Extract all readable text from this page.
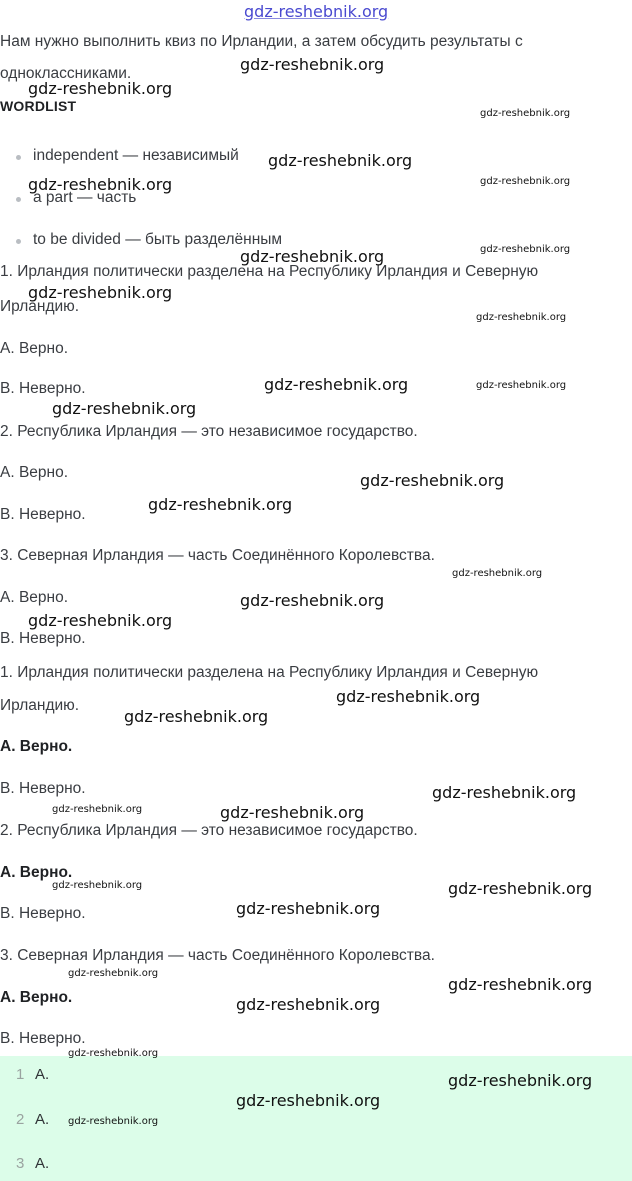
gdz-reshebnik.org
Нам нужно выполнить квиз по Ирландии, а затем обсудить результаты с
одноклассниками.
WORDLIST
independent — независимый
a part — часть
to be divided — быть разделённым
1. Ирландия политически разделена на Республику Ирландия и Северную
Ирландию.
A. Верно.
B. Неверно.
2. Республика Ирландия — это независимое государство.
A. Верно.
B. Неверно.
3. Северная Ирландия — часть Соединённого Королевства.
A. Верно.
B. Неверно.
1. Ирландия политически разделена на Республику Ирландия и Северную
Ирландию.
A. Верно.
B. Неверно.
2. Республика Ирландия — это независимое государство.
A. Верно.
B. Неверно.
3. Северная Ирландия — часть Соединённого Королевства.
A. Верно.
B. Неверно.
1 A.
2 A.
3 A.
gdz-reshebnik.org
gdz-reshebnik.org
gdz-reshebnik.org
gdz-reshebnik.org
gdz-reshebnik.org
gdz-reshebnik.org
gdz-reshebnik.org
gdz-reshebnik.org
gdz-reshebnik.org
gdz-reshebnik.org
gdz-reshebnik.org
gdz-reshebnik.org
gdz-reshebnik.org
gdz-reshebnik.org
gdz-reshebnik.org
gdz-reshebnik.org
gdz-reshebnik.org
gdz-reshebnik.org
gdz-reshebnik.org
gdz-reshebnik.org
gdz-reshebnik.org
gdz-reshebnik.org
gdz-reshebnik.org
gdz-reshebnik.org
gdz-reshebnik.org
gdz-reshebnik.org
gdz-reshebnik.org
gdz-reshebnik.org
gdz-reshebnik.org
gdz-reshebnik.org
gdz-reshebnik.org
gdz-reshebnik.org
gdz-reshebnik.org
